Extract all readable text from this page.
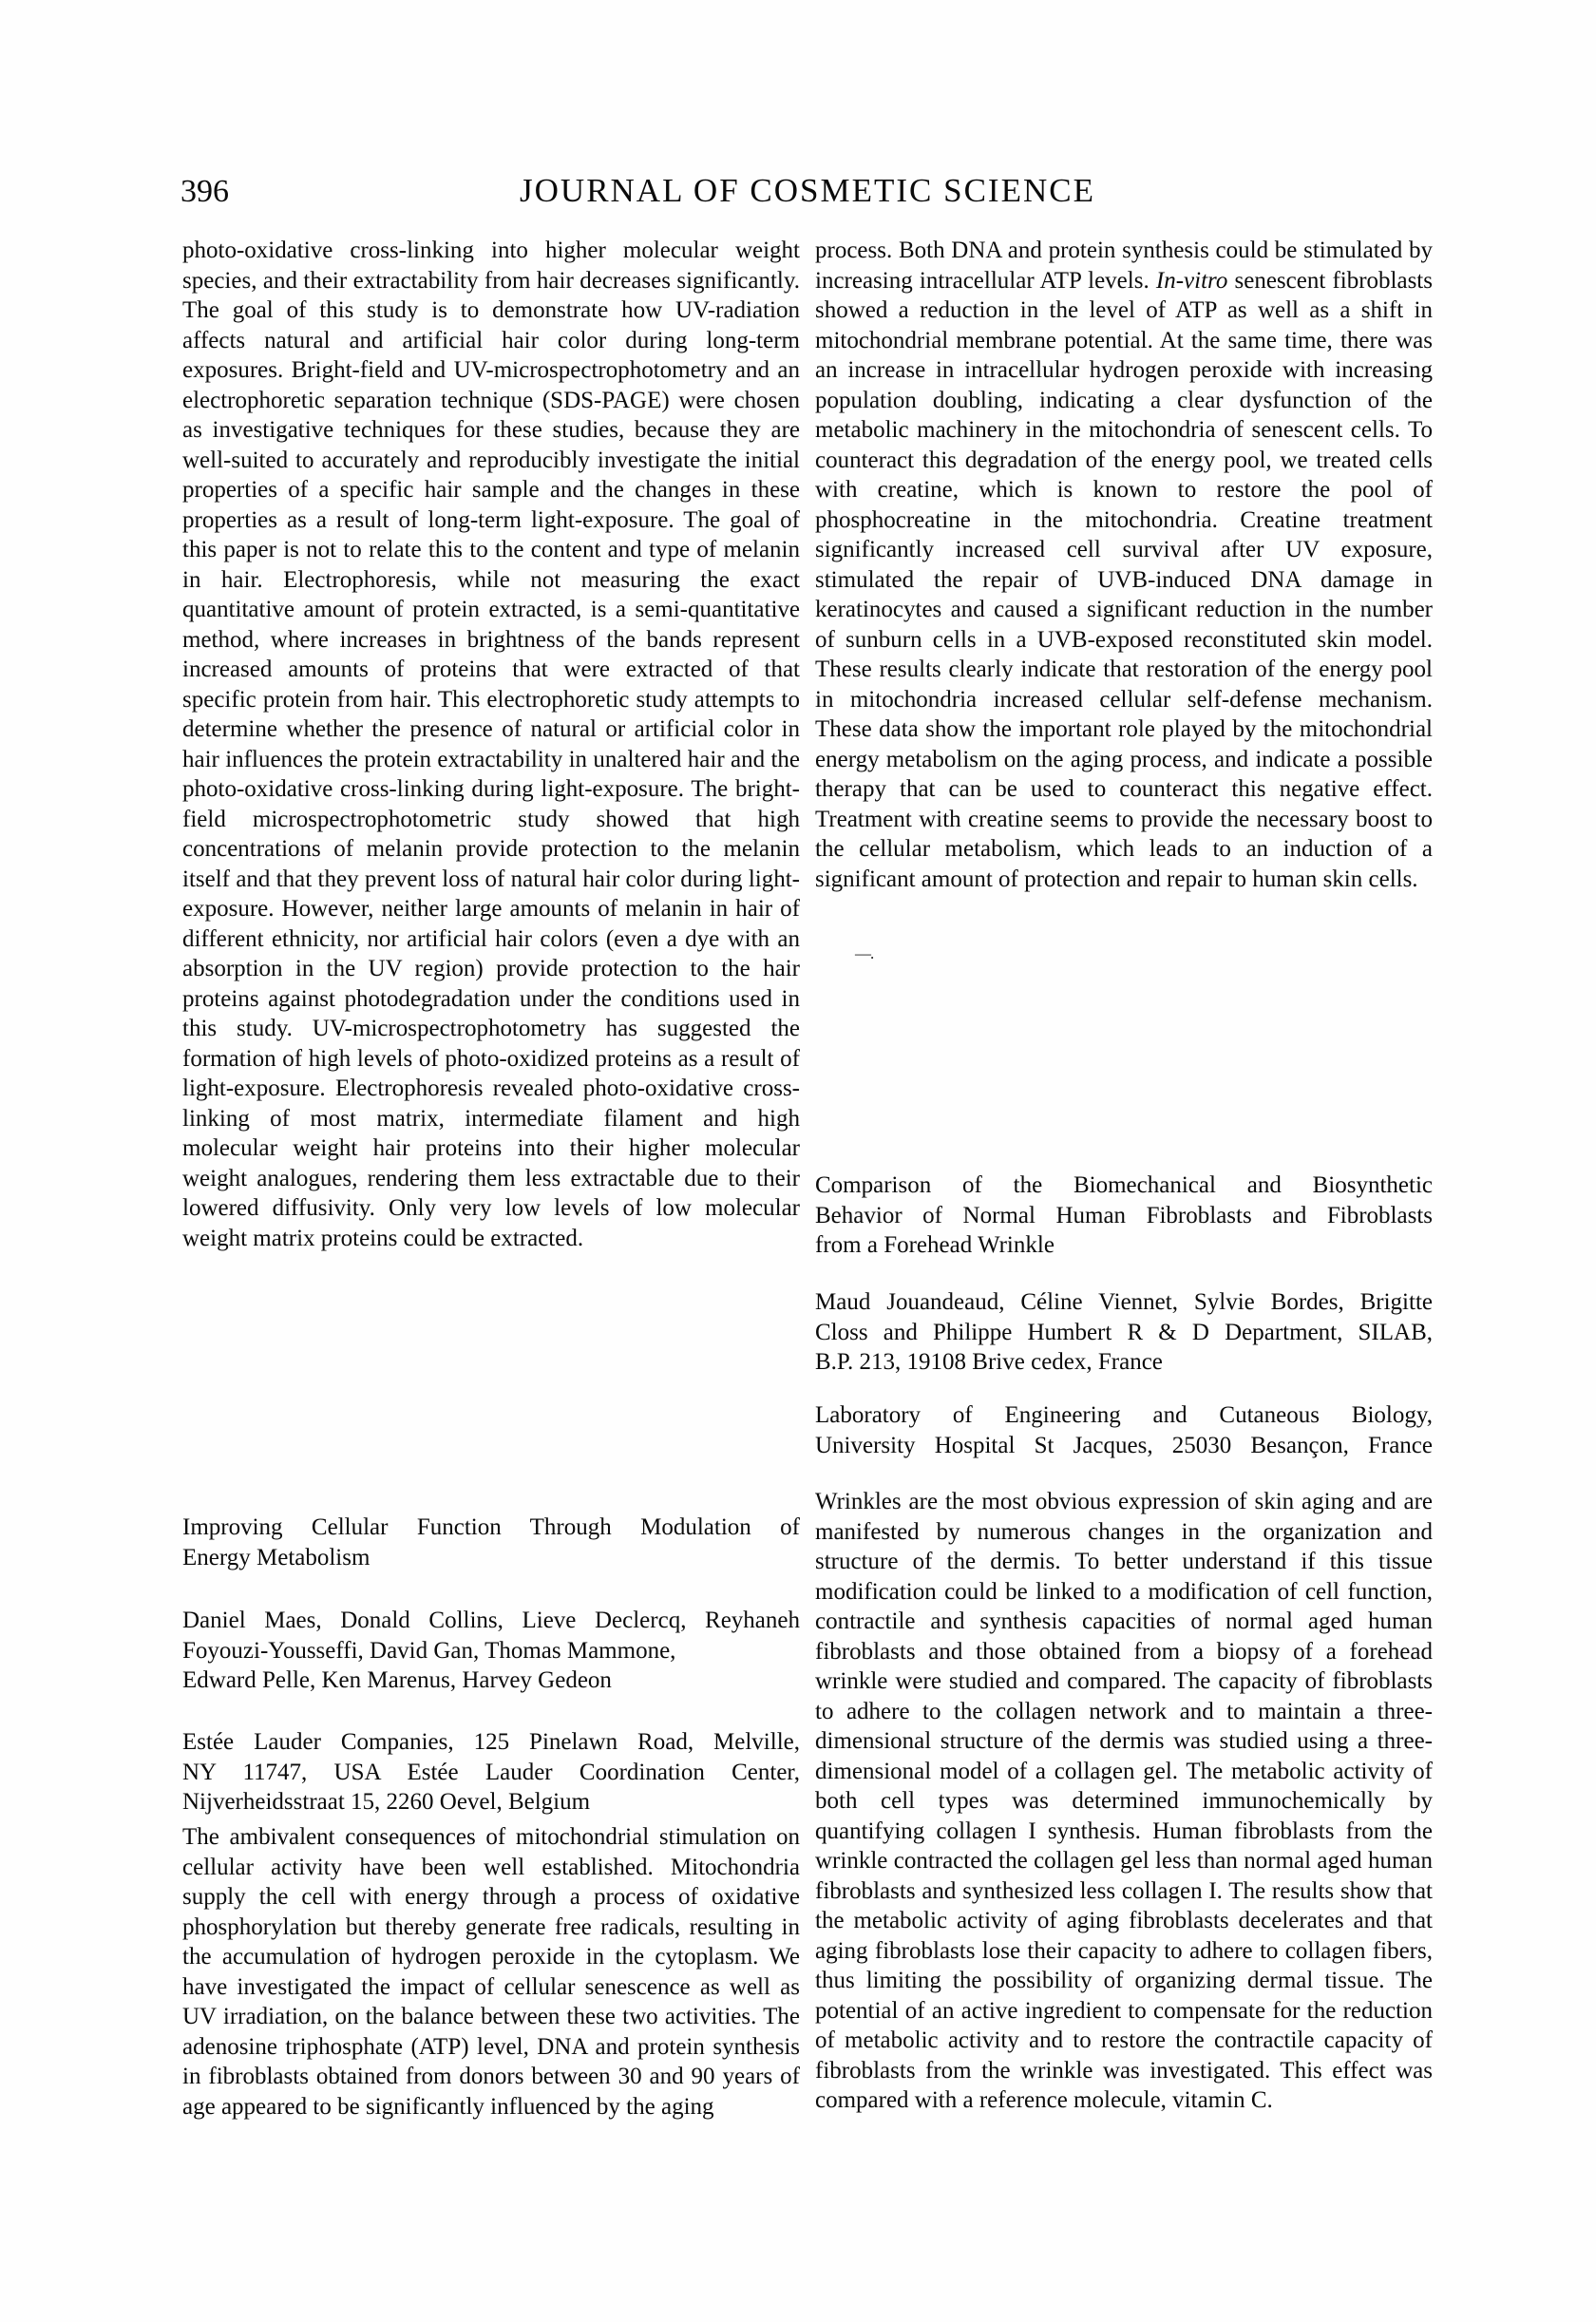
396	JOURNAL OF COSMETIC SCIENCE
photo-oxidative cross-linking into higher molecular weight species, and their extractability from hair decreases significantly. The goal of this study is to demonstrate how UV-radiation affects natural and artificial hair color during long-term exposures. Bright-field and UV-microspectrophotometry and an electrophoretic separation technique (SDS-PAGE) were chosen as investigative techniques for these studies, because they are well-suited to accurately and reproducibly investigate the initial properties of a specific hair sample and the changes in these properties as a result of long-term light-exposure. The goal of this paper is not to relate this to the content and type of melanin in hair. Electrophoresis, while not measuring the exact quantitative amount of protein extracted, is a semi-quantitative method, where increases in brightness of the bands represent increased amounts of proteins that were extracted of that specific protein from hair. This electrophoretic study attempts to determine whether the presence of natural or artificial color in hair influences the protein extractability in unaltered hair and the photo-oxidative cross-linking during light-exposure. The bright-field microspectrophotometric study showed that high concentrations of melanin provide protection to the melanin itself and that they prevent loss of natural hair color during light-exposure. However, neither large amounts of melanin in hair of different ethnicity, nor artificial hair colors (even a dye with an absorption in the UV region) provide protection to the hair proteins against photodegradation under the conditions used in this study. UV-microspectrophotometry has suggested the formation of high levels of photo-oxidized proteins as a result of light-exposure. Electrophoresis revealed photo-oxidative cross-linking of most matrix, intermediate filament and high molecular weight hair proteins into their higher molecular weight analogues, rendering them less extractable due to their lowered diffusivity. Only very low levels of low molecular weight matrix proteins could be extracted.
Improving Cellular Function Through Modulation of
Energy Metabolism
Daniel Maes, Donald Collins, Lieve Declercq, Reyhaneh
Foyouzi-Yousseffi, David Gan, Thomas Mammone,
Edward Pelle, Ken Marenus, Harvey Gedeon
Estée Lauder Companies, 125 Pinelawn Road, Melville,
NY 11747, USA Estée Lauder Coordination Center,
Nijverheidsstraat 15, 2260 Oevel, Belgium
The ambivalent consequences of mitochondrial stimulation on cellular activity have been well established. Mitochondria supply the cell with energy through a process of oxidative phosphorylation but thereby generate free radicals, resulting in the accumulation of hydrogen peroxide in the cytoplasm. We have investigated the impact of cellular senescence as well as UV irradiation, on the balance between these two activities. The adenosine triphosphate (ATP) level, DNA and protein synthesis in fibroblasts obtained from donors between 30 and 90 years of age appeared to be significantly influenced by the aging
process. Both DNA and protein synthesis could be stimulated by increasing intracellular ATP levels. In-vitro senescent fibroblasts showed a reduction in the level of ATP as well as a shift in mitochondrial membrane potential. At the same time, there was an increase in intracellular hydrogen peroxide with increasing population doubling, indicating a clear dysfunction of the metabolic machinery in the mitochondria of senescent cells. To counteract this degradation of the energy pool, we treated cells with creatine, which is known to restore the pool of phosphocreatine in the mitochondria. Creatine treatment significantly increased cell survival after UV exposure, stimulated the repair of UVB-induced DNA damage in keratinocytes and caused a significant reduction in the number of sunburn cells in a UVB-exposed reconstituted skin model. These results clearly indicate that restoration of the energy pool in mitochondria increased cellular self-defense mechanism. These data show the important role played by the mitochondrial energy metabolism on the aging process, and indicate a possible therapy that can be used to counteract this negative effect. Treatment with creatine seems to provide the necessary boost to the cellular metabolism, which leads to an induction of a significant amount of protection and repair to human skin cells.
—.
Comparison of the Biomechanical and Biosynthetic
Behavior of Normal Human Fibroblasts and Fibroblasts
from a Forehead Wrinkle
Maud Jouandeaud, Céline Viennet, Sylvie Bordes, Brigitte
Closs and Philippe Humbert R & D Department, SILAB,
B.P. 213, 19108 Brive cedex, France
Laboratory of Engineering and Cutaneous Biology,
University Hospital St Jacques, 25030 Besançon, France
Wrinkles are the most obvious expression of skin aging and are manifested by numerous changes in the organization and structure of the dermis. To better understand if this tissue modification could be linked to a modification of cell function, contractile and synthesis capacities of normal aged human fibroblasts and those obtained from a biopsy of a forehead wrinkle were studied and compared. The capacity of fibroblasts to adhere to the collagen network and to maintain a three-dimensional structure of the dermis was studied using a three-dimensional model of a collagen gel. The metabolic activity of both cell types was determined immunochemically by quantifying collagen I synthesis. Human fibroblasts from the wrinkle contracted the collagen gel less than normal aged human fibroblasts and synthesized less collagen I. The results show that the metabolic activity of aging fibroblasts decelerates and that aging fibroblasts lose their capacity to adhere to collagen fibers, thus limiting the possibility of organizing dermal tissue. The potential of an active ingredient to compensate for the reduction of metabolic activity and to restore the contractile capacity of fibroblasts from the wrinkle was investigated. This effect was compared with a reference molecule, vitamin C.
